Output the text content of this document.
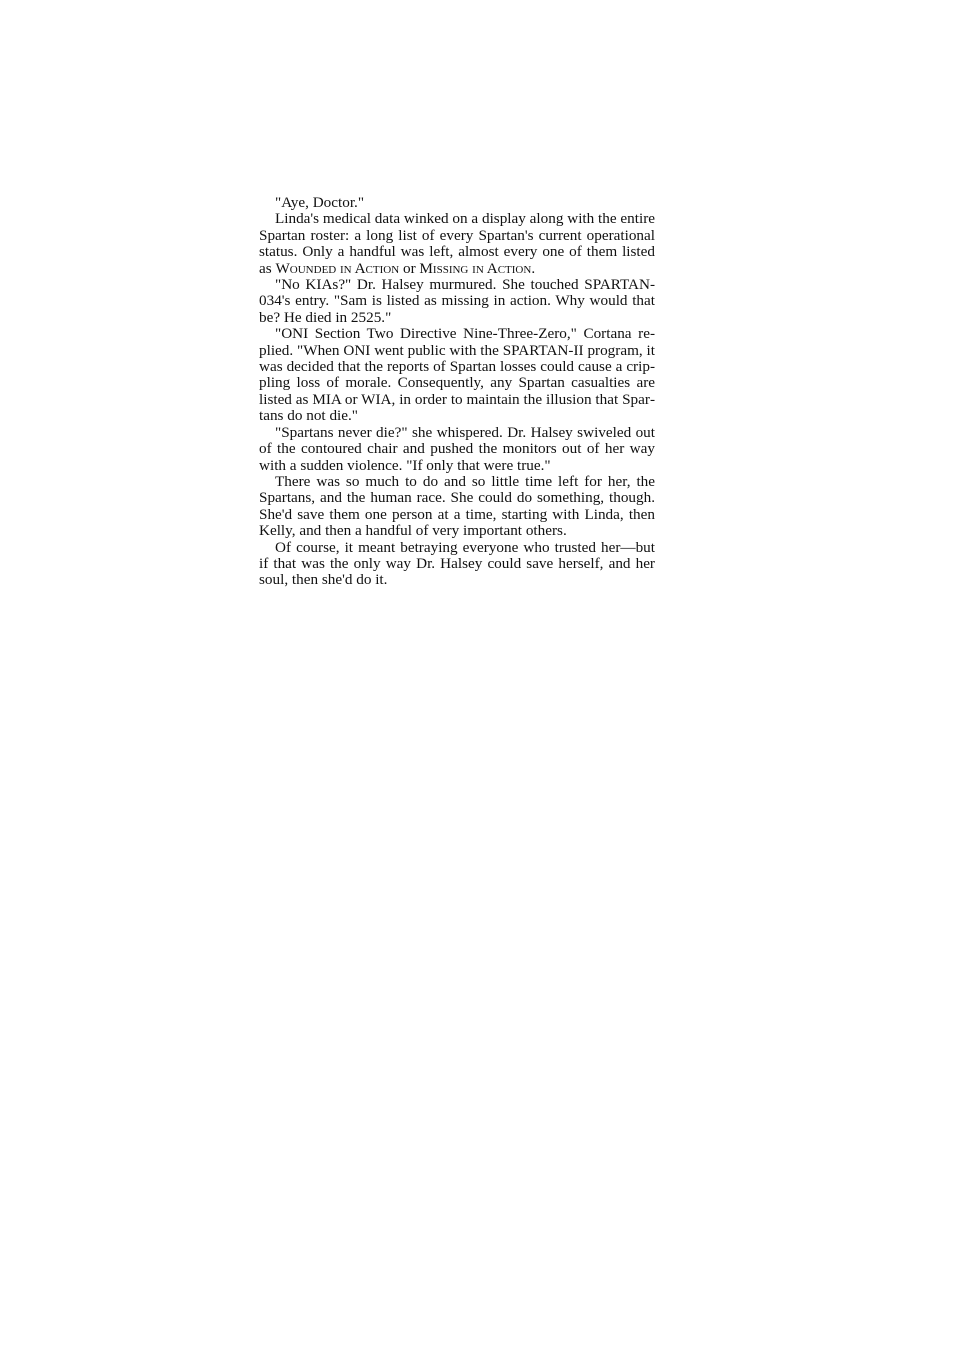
"Aye, Doctor."

Linda's medical data winked on a display along with the entire Spartan roster: a long list of every Spartan's current operational status. Only a handful was left, almost every one of them listed as Wounded in Action or Missing in Action.

"No KIAs?" Dr. Halsey murmured. She touched SPARTAN-034's entry. "Sam is listed as missing in action. Why would that be? He died in 2525."

"ONI Section Two Directive Nine-Three-Zero," Cortana replied. "When ONI went public with the SPARTAN-II program, it was decided that the reports of Spartan losses could cause a crippling loss of morale. Consequently, any Spartan casualties are listed as MIA or WIA, in order to maintain the illusion that Spartans do not die."

"Spartans never die?" she whispered. Dr. Halsey swiveled out of the contoured chair and pushed the monitors out of her way with a sudden violence. "If only that were true."

There was so much to do and so little time left for her, the Spartans, and the human race. She could do something, though. She'd save them one person at a time, starting with Linda, then Kelly, and then a handful of very important others.

Of course, it meant betraying everyone who trusted her—but if that was the only way Dr. Halsey could save herself, and her soul, then she'd do it.
